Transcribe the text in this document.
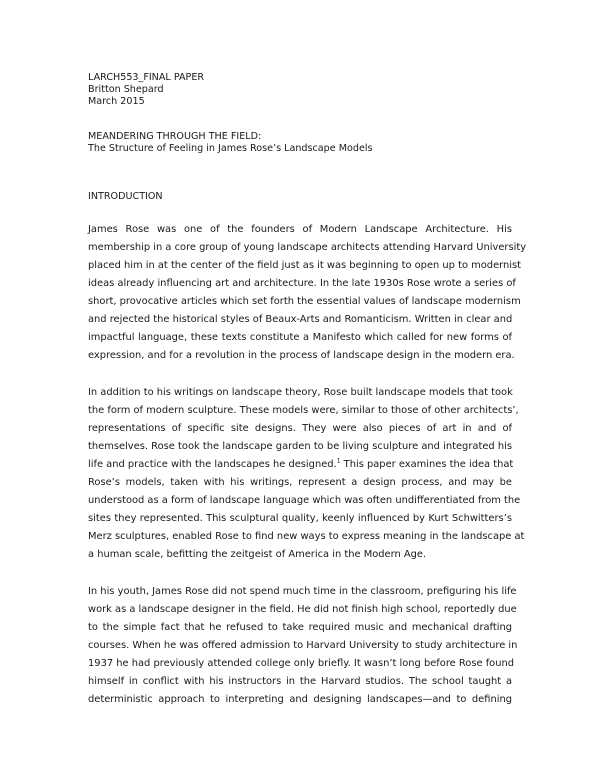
LARCH553_FINAL PAPER
Britton Shepard
March 2015
MEANDERING THROUGH THE FIELD:
The Structure of Feeling in James Rose’s Landscape Models
INTRODUCTION
James Rose was one of the founders of Modern Landscape Architecture. His
membership in a core group of young landscape architects attending Harvard University
placed him in at the center of the field just as it was beginning to open up to modernist
ideas already influencing art and architecture. In the late 1930s Rose wrote a series of
short, provocative articles which set forth the essential values of landscape modernism
and rejected the historical styles of Beaux-Arts and Romanticism. Written in clear and
impactful language, these texts constitute a Manifesto which called for new forms of
expression, and for a revolution in the process of landscape design in the modern era.
In addition to his writings on landscape theory, Rose built landscape models that took
the form of modern sculpture. These models were, similar to those of other architects’,
representations of specific site designs. They were also pieces of art in and of
themselves. Rose took the landscape garden to be living sculpture and integrated his
life and practice with the landscapes he designed.$^1$ This paper examines the idea that
Rose’s models, taken with his writings, represent a design process, and may be
understood as a form of landscape language which was often undifferentiated from the
sites they represented. This sculptural quality, keenly influenced by Kurt Schwitters’s
Merz sculptures, enabled Rose to find new ways to express meaning in the landscape at
a human scale, befitting the zeitgeist of America in the Modern Age.
In his youth, James Rose did not spend much time in the classroom, prefiguring his life
work as a landscape designer in the field. He did not finish high school, reportedly due
to the simple fact that he refused to take required music and mechanical drafting
courses. When he was offered admission to Harvard University to study architecture in
1937 he had previously attended college only briefly. It wasn’t long before Rose found
himself in conflict with his instructors in the Harvard studios. The school taught a
deterministic approach to interpreting and designing landscapes—and to defining
